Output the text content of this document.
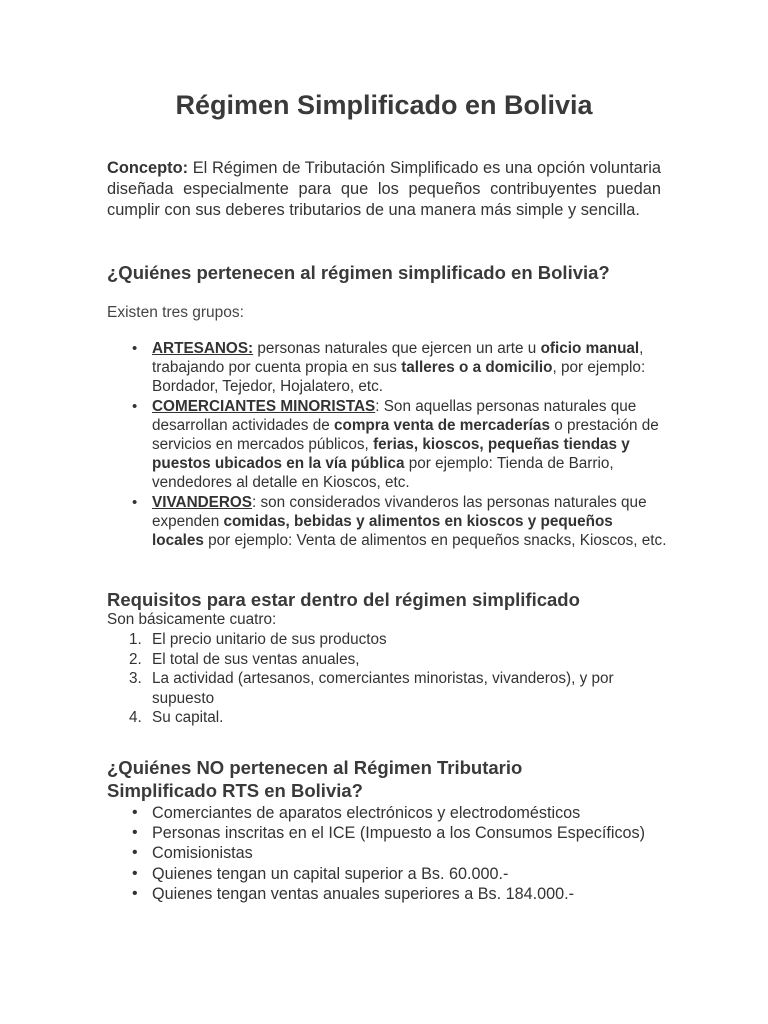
Régimen Simplificado en Bolivia

Concepto: El Régimen de Tributación Simplificado es una opción voluntaria diseñada especialmente para que los pequeños contribuyentes puedan cumplir con sus deberes tributarios de una manera más simple y sencilla.

¿Quiénes pertenecen al régimen simplificado en Bolivia?

Existen tres grupos:

• ARTESANOS: personas naturales que ejercen un arte u oficio manual, trabajando por cuenta propia en sus talleres o a domicilio, por ejemplo: Bordador, Tejedor, Hojalatero, etc.
• COMERCIANTES MINORISTAS: Son aquellas personas naturales que desarrollan actividades de compra venta de mercaderías o prestación de servicios en mercados públicos, ferias, kioscos, pequeñas tiendas y puestos ubicados en la vía pública por ejemplo: Tienda de Barrio, vendedores al detalle en Kioscos, etc.
• VIVANDEROS: son considerados vivanderos las personas naturales que expenden comidas, bebidas y alimentos en kioscos y pequeños locales por ejemplo: Venta de alimentos en pequeños snacks, Kioscos, etc.
Requisitos para estar dentro del régimen simplificado

Son básicamente cuatro:

1. El precio unitario de sus productos
2. El total de sus ventas anuales,
3. La actividad (artesanos, comerciantes minoristas, vivanderos), y por supuesto
4. Su capital.
¿Quiénes NO pertenecen al Régimen Tributario
Simplificado RTS en Bolivia?
• Comerciantes de aparatos electrónicos y electrodomésticos
• Personas inscritas en el ICE (Impuesto a los Consumos Específicos)
• Comisionistas
• Quienes tengan un capital superior a Bs. 60.000.-
• Quienes tengan ventas anuales superiores a Bs. 184.000.-
